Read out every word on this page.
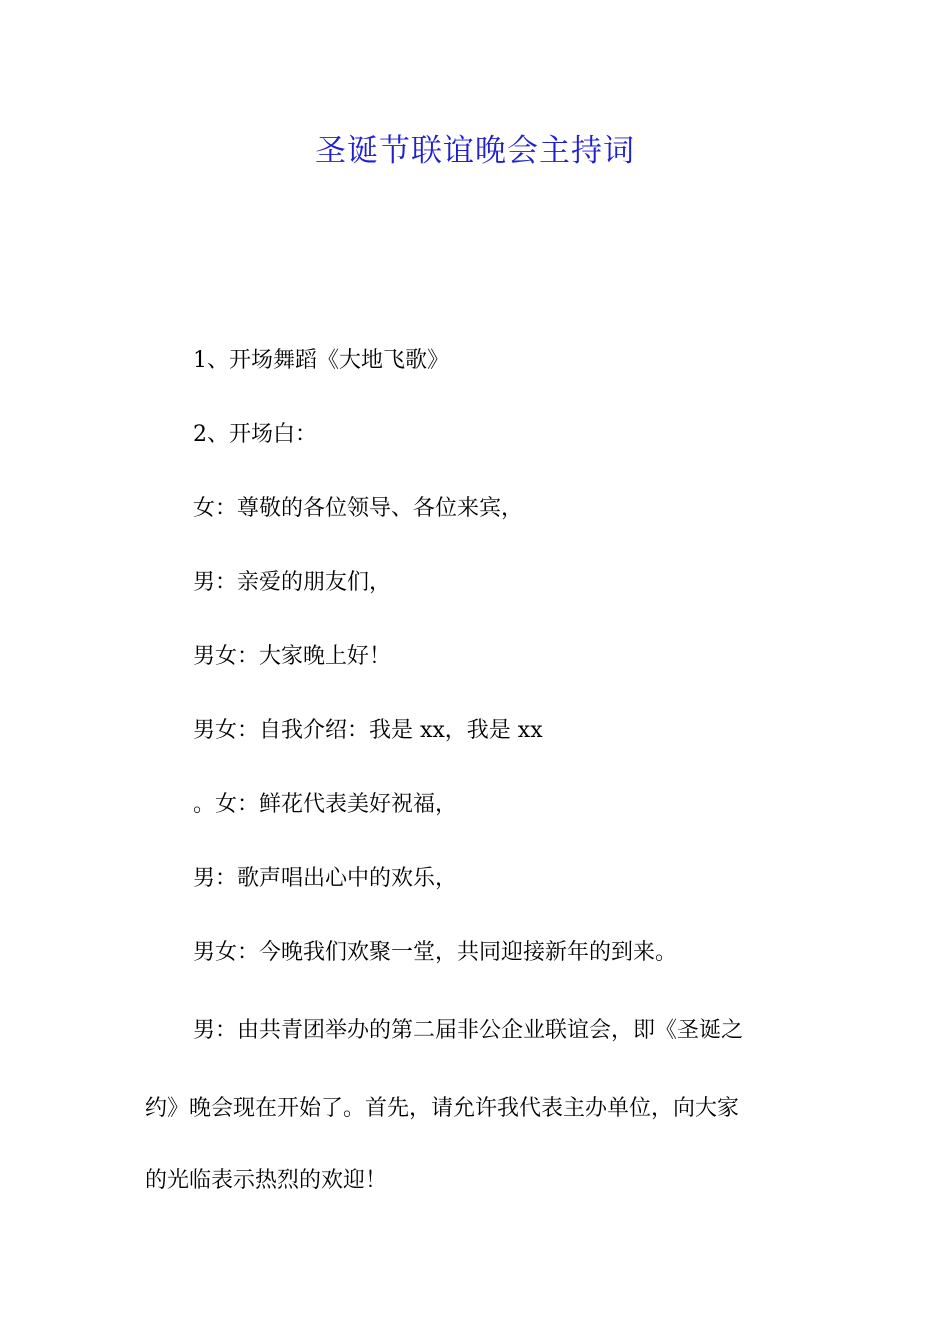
圣诞节联谊晚会主持词

1、开场舞蹈《大地飞歌》

2、开场白：

女：尊敬的各位领导、各位来宾，

男：亲爱的朋友们，

男女：大家晚上好！

男女：自我介绍：我是 xx，我是 xx

。女：鲜花代表美好祝福，

男：歌声唱出心中的欢乐，

男女：今晚我们欢聚一堂，共同迎接新年的到来。

男：由共青团举办的第二届非公企业联谊会，即《圣诞之
约》晚会现在开始了。首先，请允许我代表主办单位，向大家
的光临表示热烈的欢迎！
